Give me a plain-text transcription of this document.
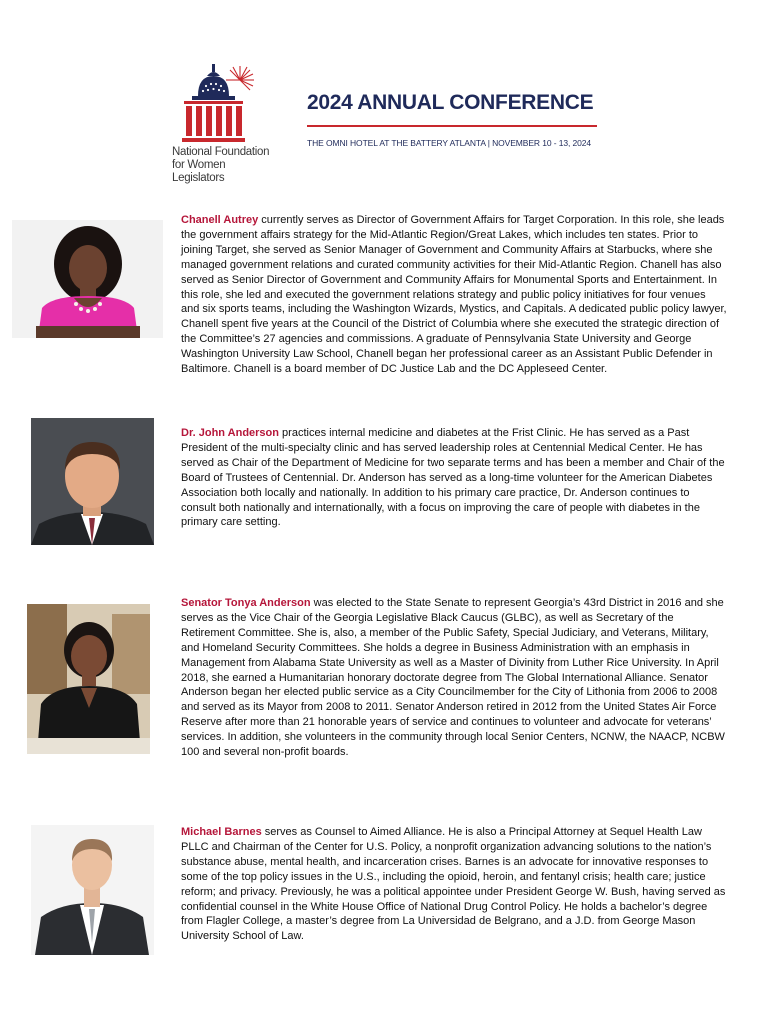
National Foundation
for Women Legislators
2024 ANNUAL CONFERENCE
THE OMNI HOTEL AT THE BATTERY ATLANTA | NOVEMBER 10 - 13, 2024
Chanell Autrey currently serves as Director of Government Affairs for Target Corporation. In this role, she leads the government affairs strategy for the Mid-Atlantic Region/Great Lakes, which includes ten states. Prior to joining Target, she served as Senior Manager of Government and Community Affairs at Starbucks, where she managed government relations and curated community activities for their Mid-Atlantic Region. Chanell has also served as Senior Director of Government and Community Affairs for Monumental Sports and Entertainment. In this role, she led and executed the government relations strategy and public policy initiatives for four venues and six sports teams, including the Washington Wizards, Mystics, and Capitals. A dedicated public policy lawyer, Chanell spent five years at the Council of the District of Columbia where she executed the strategic direction of the Committee’s 27 agencies and commissions. A graduate of Pennsylvania State University and George Washington University Law School, Chanell began her professional career as an Assistant Public Defender in Baltimore. Chanell is a board member of DC Justice Lab and the DC Appleseed Center.
Dr. John Anderson practices internal medicine and diabetes at the Frist Clinic. He has served as a Past President of the multi-specialty clinic and has served leadership roles at Centennial Medical Center. He has served as Chair of the Department of Medicine for two separate terms and has been a member and Chair of the Board of Trustees of Centennial. Dr. Anderson has served as a long-time volunteer for the American Diabetes Association both locally and nationally. In addition to his primary care practice, Dr. Anderson continues to consult both nationally and internationally, with a focus on improving the care of people with diabetes in the primary care setting.
Senator Tonya Anderson was elected to the State Senate to represent Georgia’s 43rd District in 2016 and she serves as the Vice Chair of the Georgia Legislative Black Caucus (GLBC), as well as Secretary of the Retirement Committee. She is, also, a member of the Public Safety, Special Judiciary, and Veterans, Military, and Homeland Security Committees. She holds a degree in Business Administration with an emphasis in Management from Alabama State University as well as a Master of Divinity from Luther Rice University. In April 2018, she earned a Humanitarian honorary doctorate degree from The Global International Alliance. Senator Anderson began her elected public service as a City Councilmember for the City of Lithonia from 2006 to 2008 and served as its Mayor from 2008 to 2011. Senator Anderson retired in 2012 from the United States Air Force Reserve after more than 21 honorable years of service and continues to volunteer and advocate for veterans’ services. In addition, she volunteers in the community through local Senior Centers, NCNW, the NAACP, NCBW 100 and several non-profit boards.
Michael Barnes serves as Counsel to Aimed Alliance. He is also a Principal Attorney at Sequel Health Law PLLC and Chairman of the Center for U.S. Policy, a nonprofit organization advancing solutions to the nation’s substance abuse, mental health, and incarceration crises. Barnes is an advocate for innovative responses to some of the top policy issues in the U.S., including the opioid, heroin, and fentanyl crisis; health care; justice reform; and privacy. Previously, he was a political appointee under President George W. Bush, having served as confidential counsel in the White House Office of National Drug Control Policy. He holds a bachelor’s degree from Flagler College, a master’s degree from La Universidad de Belgrano, and a J.D. from George Mason University School of Law.
